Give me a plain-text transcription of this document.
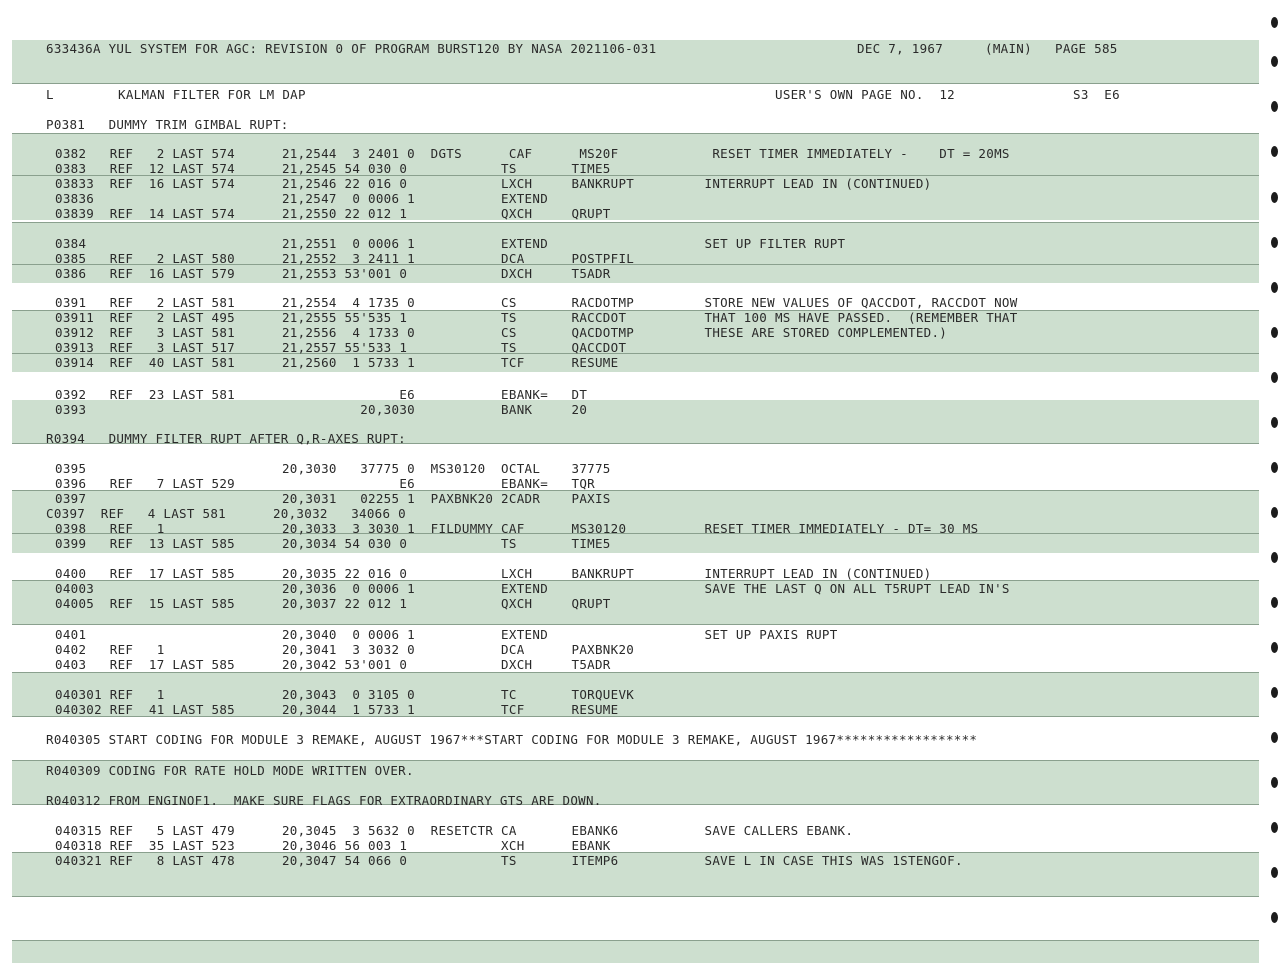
633436A YUL SYSTEM FOR AGC: REVISION 0 OF PROGRAM BURST120 BY NASA 2021106-031	DEC 7, 1967	(MAIN) PAGE 585
L	KALMAN FILTER FOR LM DAP	USER'S OWN PAGE NO.  12	S3  E6
P0381   DUMMY TRIM GIMBAL RUPT:
0382   REF   2 LAST 574      21,2544  3 2401 0  DGTS      CAF      MS20F            RESET TIMER IMMEDIATELY -    DT = 20MS
0383   REF  12 LAST 574      21,2545 54 030 0            TS       TIME5
03833  REF  16 LAST 574      21,2546 22 016 0            LXCH     BANKRUPT         INTERRUPT LEAD IN (CONTINUED)
03836                        21,2547  0 0006 1           EXTEND
03839  REF  14 LAST 574      21,2550 22 012 1            QXCH     QRUPT
0384                         21,2551  0 0006 1           EXTEND                    SET UP FILTER RUPT
0385   REF   2 LAST 580      21,2552  3 2411 1           DCA      POSTPFIL
0386   REF  16 LAST 579      21,2553 53'001 0            DXCH     T5ADR
0391   REF   2 LAST 581      21,2554  4 1735 0           CS       RACDOTMP         STORE NEW VALUES OF QACCDOT, RACCDOT NOW
03911  REF   2 LAST 495      21,2555 55'535 1            TS       RACCDOT          THAT 100 MS HAVE PASSED.  (REMEMBER THAT
03912  REF   3 LAST 581      21,2556  4 1733 0           CS       QACDOTMP         THESE ARE STORED COMPLEMENTED.)
03913  REF   3 LAST 517      21,2557 55'533 1            TS       QACCDOT
03914  REF  40 LAST 581      21,2560  1 5733 1           TCF      RESUME
0392   REF  23 LAST 581                     E6           EBANK=   DT
0393                                   20,3030           BANK     20
R0394   DUMMY FILTER RUPT AFTER Q,R-AXES RUPT:
0395                         20,3030   37775 0  MS30120  OCTAL    37775
0396   REF   7 LAST 529                     E6           EBANK=   TQR
0397                         20,3031   02255 1  PAXBNK20 2CADR    PAXIS
C0397  REF   4 LAST 581      20,3032   34066 0
0398   REF   1               20,3033  3 3030 1  FILDUMMY CAF      MS30120          RESET TIMER IMMEDIATELY - DT= 30 MS
0399   REF  13 LAST 585      20,3034 54 030 0            TS       TIME5
0400   REF  17 LAST 585      20,3035 22 016 0            LXCH     BANKRUPT         INTERRUPT LEAD IN (CONTINUED)
04003                        20,3036  0 0006 1           EXTEND                    SAVE THE LAST Q ON ALL T5RUPT LEAD IN'S
04005  REF  15 LAST 585      20,3037 22 012 1            QXCH     QRUPT
0401                         20,3040  0 0006 1           EXTEND                    SET UP PAXIS RUPT
0402   REF   1               20,3041  3 3032 0           DCA      PAXBNK20
0403   REF  17 LAST 585      20,3042 53'001 0            DXCH     T5ADR
040301 REF   1               20,3043  0 3105 0           TC       TORQUEVK
040302 REF  41 LAST 585      20,3044  1 5733 1           TCF      RESUME
R040305 START CODING FOR MODULE 3 REMAKE, AUGUST 1967***START CODING FOR MODULE 3 REMAKE, AUGUST 1967******************
R040309 CODING FOR RATE HOLD MODE WRITTEN OVER.
R040312 FROM ENGINOF1.  MAKE SURE FLAGS FOR EXTRAORDINARY GTS ARE DOWN.
040315 REF   5 LAST 479      20,3045  3 5632 0  RESETCTR CA       EBANK6           SAVE CALLERS EBANK.
040318 REF  35 LAST 523      20,3046 56 003 1            XCH      EBANK
040321 REF   8 LAST 478      20,3047 54 066 0            TS       ITEMP6           SAVE L IN CASE THIS WAS 1STENGOF.
